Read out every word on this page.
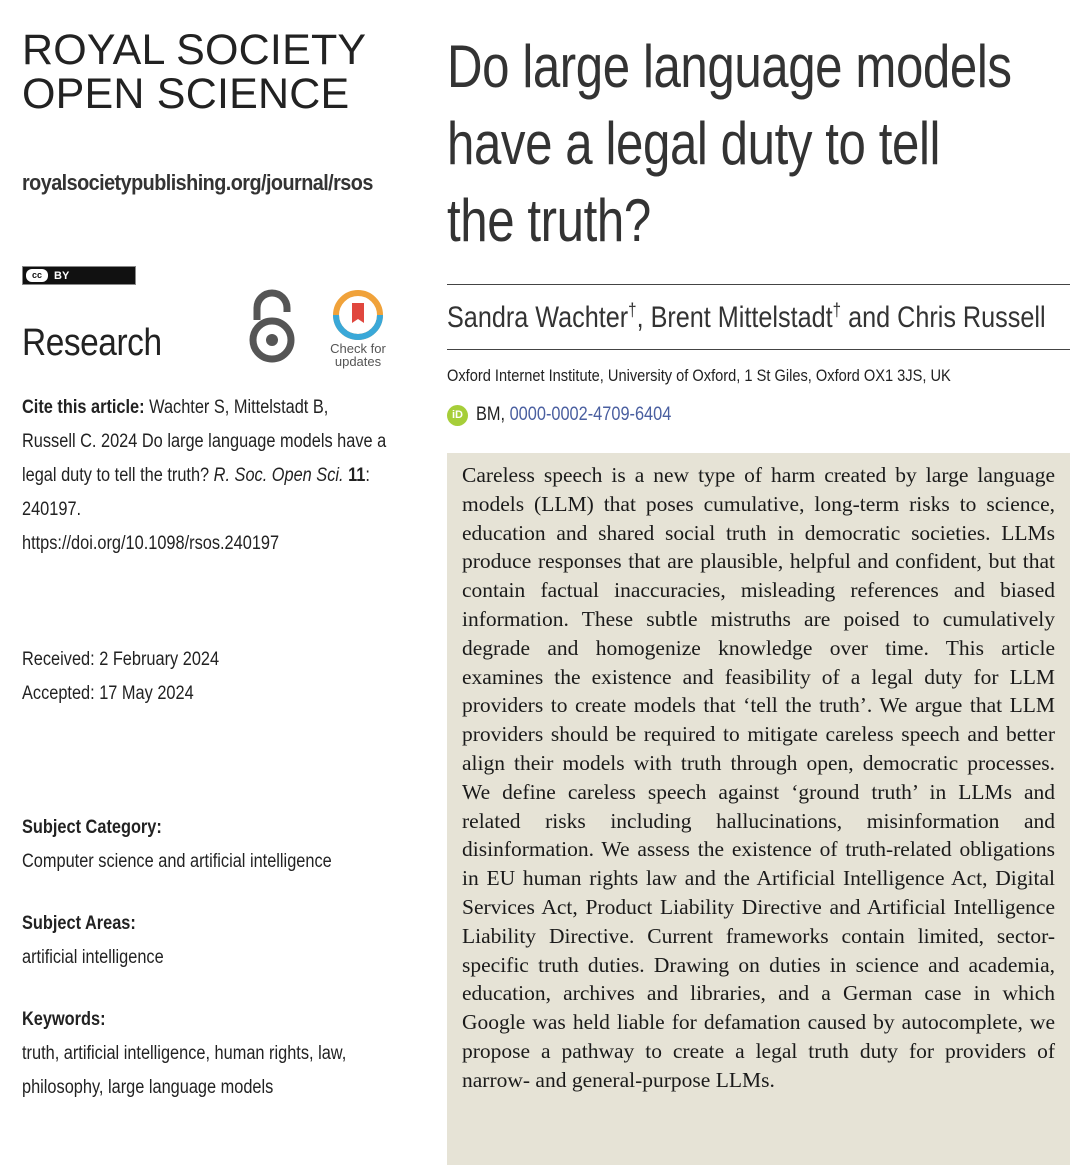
ROYAL SOCIETY
OPEN SCIENCE
royalsocietypublishing.org/journal/rsos
cc	BY
Research	Check for
updates
Cite this article: Wachter S, Mittelstadt B,
Russell C. 2024 Do large language models have a
legal duty to tell the truth? R. Soc. Open Sci. 11:
240197.
https://doi.org/10.1098/rsos.240197
Received: 2 February 2024
Accepted: 17 May 2024
Subject Category:
Computer science and artificial intelligence
Subject Areas:
artificial intelligence
Keywords:
truth, artificial intelligence, human rights, law,
philosophy, large language models
Do large language models
have a legal duty to tell
the truth?
Sandra Wachter†, Brent Mittelstadt† and Chris Russell
Oxford Internet Institute, University of Oxford, 1 St Giles, Oxford OX1 3JS, UK
iD BM, 0000-0002-4709-6404

Careless speech is a new type of harm created by large language models (LLM) that poses cumulative, long-term risks to science, education and shared social truth in democratic societies. LLMs produce responses that are plausible, helpful and confident, but that contain factual inaccuracies, misleading references and biased information. These subtle mistruths are poised to cumulatively degrade and homogenize knowledge over time. This article examines the existence and feasibility of a legal duty for LLM providers to create models that ‘tell the truth’. We argue that LLM providers should be required to mitigate careless speech and better align their models with truth through open, democratic processes. We define careless speech against ‘ground truth’ in LLMs and related risks including hallucinations, misinformation and disinformation. We assess the existence of truth-related obligations in EU human rights law and the Artificial Intelligence Act, Digital Services Act, Product Liability Directive and Artificial Intelligence Liability Directive. Current frameworks contain limited, sector-specific truth duties. Drawing on duties in science and academia, education, archives and libraries, and a German case in which Google was held liable for defamation caused by autocomplete, we propose a pathway to create a legal truth duty for providers of narrow- and general-purpose LLMs.
